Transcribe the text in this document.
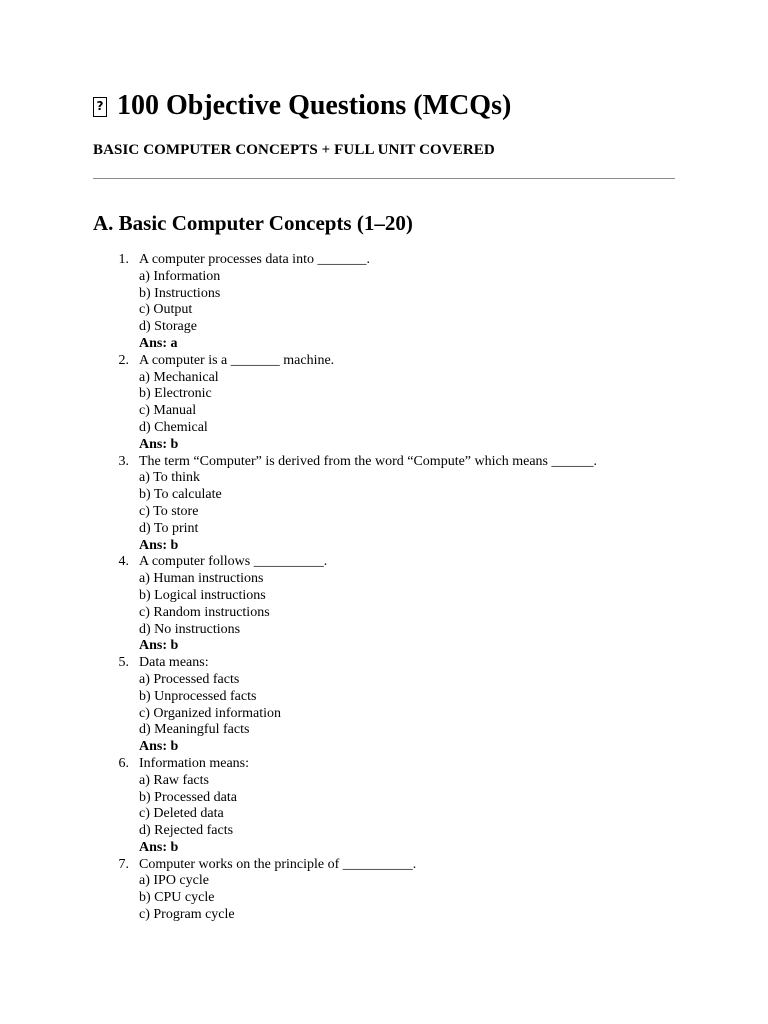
? 100 Objective Questions (MCQs)
BASIC COMPUTER CONCEPTS + FULL UNIT COVERED
A. Basic Computer Concepts (1–20)
1. A computer processes data into _______.
a) Information
b) Instructions
c) Output
d) Storage
Ans: a
2. A computer is a _______ machine.
a) Mechanical
b) Electronic
c) Manual
d) Chemical
Ans: b
3. The term “Computer” is derived from the word “Compute” which means ______.
a) To think
b) To calculate
c) To store
d) To print
Ans: b
4. A computer follows __________.
a) Human instructions
b) Logical instructions
c) Random instructions
d) No instructions
Ans: b
5. Data means:
a) Processed facts
b) Unprocessed facts
c) Organized information
d) Meaningful facts
Ans: b
6. Information means:
a) Raw facts
b) Processed data
c) Deleted data
d) Rejected facts
Ans: b
7. Computer works on the principle of __________.
a) IPO cycle
b) CPU cycle
c) Program cycle
